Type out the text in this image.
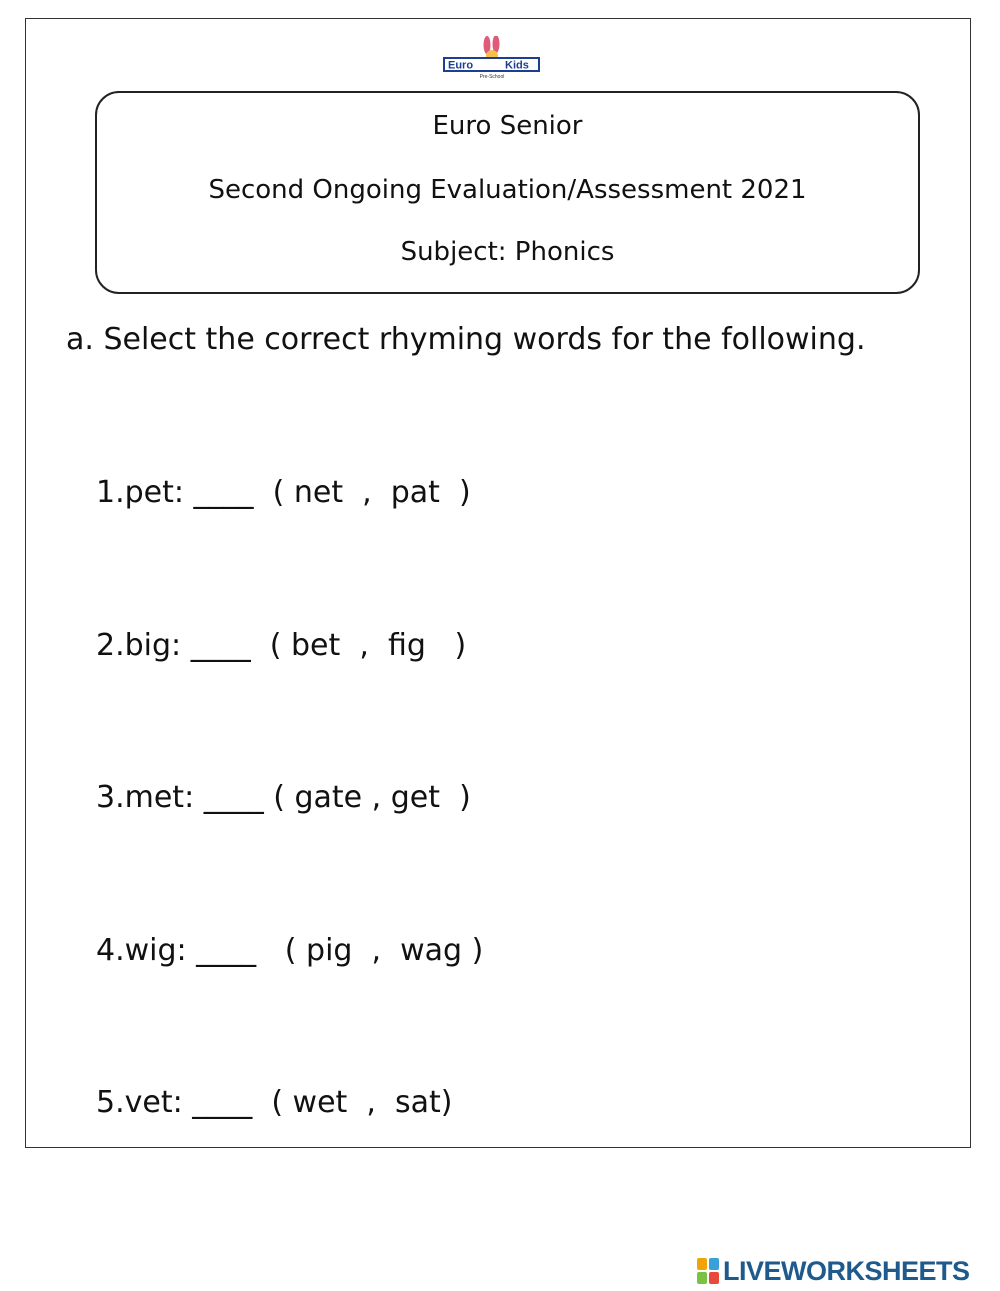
Euro	Kids
Pre-School
Euro Senior
Second Ongoing Evaluation/Assessment 2021
Subject: Phonics
a. Select the correct rhyming words for the following.
1.pet: ____  ( net  ,  pat  )
2.big: ____  ( bet  ,  fig   )
3.met: ____ ( gate , get  )
4.wig: ____   ( pig  ,  wag )
5.vet: ____  ( wet  ,  sat)
LIVEWORKSHEETS
